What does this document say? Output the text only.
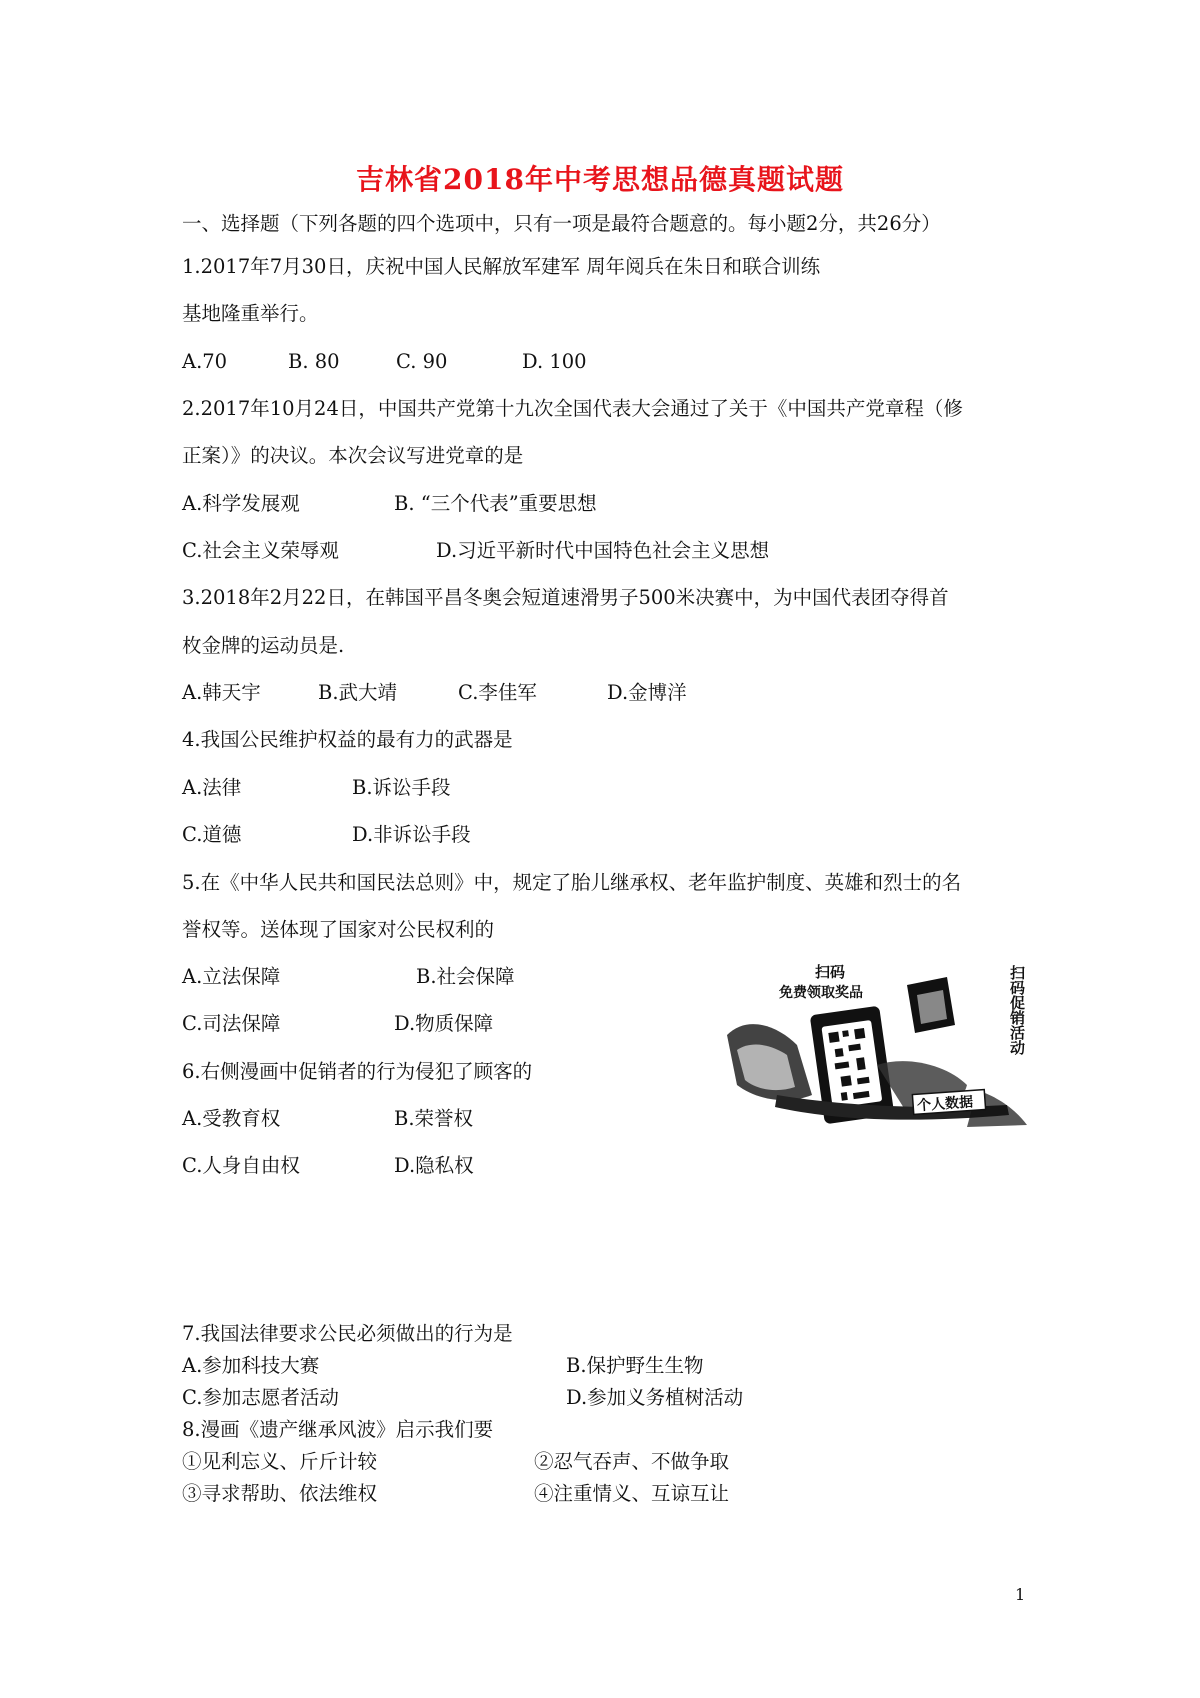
吉林省2018年中考思想品德真题试题
一、选择题（下列各题的四个选项中，只有一项是最符合题意的。每小题2分，共26分）
1.2017年7月30日，庆祝中国人民解放军建军 周年阅兵在朱日和联合训练
基地隆重举行。
A.70	B. 80	C. 90	D. 100
2.2017年10月24日，中国共产党第十九次全国代表大会通过了关于《中国共产党章程（修
正案）》的决议。本次会议写进党章的是
A.科学发展观	B. “三个代表”重要思想
C.社会主义荣辱观	D.习近平新时代中国特色社会主义思想
3.2018年2月22日，在韩国平昌冬奥会短道速滑男子500米决赛中，为中国代表团夺得首
枚金牌的运动员是.
A.韩天宇	B.武大靖	C.李佳军	D.金博洋
4.我国公民维护权益的最有力的武器是
A.法律	B.诉讼手段
C.道德	D.非诉讼手段
5.在《中华人民共和国民法总则》中，规定了胎儿继承权、老年监护制度、英雄和烈士的名
誉权等。送体现了国家对公民权利的
A.立法保障	B.社会保障
C.司法保障	D.物质保障
6.右侧漫画中促销者的行为侵犯了顾客的
A.受教育权	B.荣誉权
C.人身自由权	D.隐私权
扫码
免费领取奖品	扫码促销活动
个人数据
7.我国法律要求公民必须做出的行为是
A.参加科技大赛	B.保护野生生物
C.参加志愿者活动	D.参加义务植树活动
8.漫画《遗产继承风波》启示我们要
①见利忘义、斤斤计较	②忍气吞声、不做争取
③寻求帮助、依法维权	④注重情义、互谅互让
1
